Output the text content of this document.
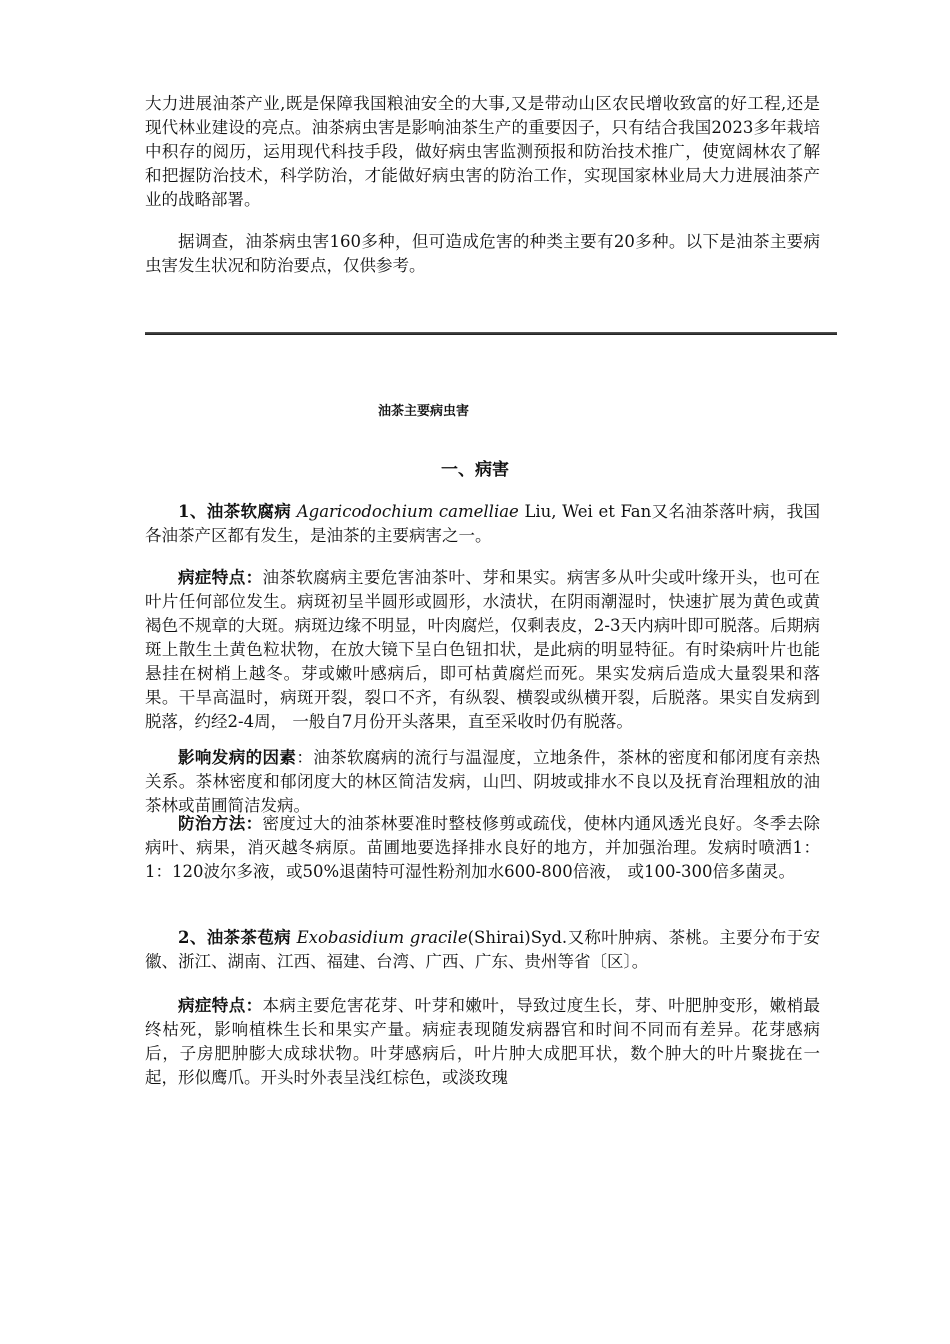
大力进展油茶产业,既是保障我国粮油安全的大事,又是带动山区农民增收致富的好工程,还是现代林业建设的亮点。油茶病虫害是影响油茶生产的重要因子，只有结合我国2023多年栽培中积存的阅历，运用现代科技手段，做好病虫害监测预报和防治技术推广，使宽阔林农了解和把握防治技术，科学防治，才能做好病虫害的防治工作，实现国家林业局大力进展油茶产业的战略部署。

据调查，油茶病虫害160多种，但可造成危害的种类主要有20多种。以下是油茶主要病虫害发生状况和防治要点，仅供参考。

油茶主要病虫害
一、病害

1、油茶软腐病 Agaricodochium camelliae Liu, Wei et Fan又名油茶落叶病，我国各油茶产区都有发生，是油茶的主要病害之一。

病症特点：油茶软腐病主要危害油茶叶、芽和果实。病害多从叶尖或叶缘开头，也可在叶片任何部位发生。病斑初呈半圆形或圆形，水渍状，在阴雨潮湿时，快速扩展为黄色或黄褐色不规章的大斑。病斑边缘不明显，叶肉腐烂，仅剩表皮，2-3天内病叶即可脱落。后期病斑上散生土黄色粒状物，在放大镜下呈白色钮扣状，是此病的明显特征。有时染病叶片也能悬挂在树梢上越冬。芽或嫩叶感病后，即可枯黄腐烂而死。果实发病后造成大量裂果和落果。干旱高温时，病斑开裂，裂口不齐，有纵裂、横裂或纵横开裂，后脱落。果实自发病到脱落，约经2-4周， 一般自7月份开头落果，直至采收时仍有脱落。

影响发病的因素：油茶软腐病的流行与温湿度，立地条件，茶林的密度和郁闭度有亲热关系。茶林密度和郁闭度大的林区简洁发病，山凹、阴坡或排水不良以及抚育治理粗放的油茶林或苗圃简洁发病。

防治方法：密度过大的油茶林要准时整枝修剪或疏伐，使林内通风透光良好。冬季去除病叶、病果，消灭越冬病原。苗圃地要选择排水良好的地方，并加强治理。发病时喷洒1：1：120波尔多液，或50%退菌特可湿性粉剂加水600-800倍液， 或100-300倍多菌灵。

2、油茶茶苞病 Exobasidium gracile(Shirai)Syd.又称叶肿病、茶桃。主要分布于安徽、浙江、湖南、江西、福建、台湾、广西、广东、贵州等省〔区〕。

病症特点：本病主要危害花芽、叶芽和嫩叶，导致过度生长，芽、叶肥肿变形，嫩梢最终枯死，影响植株生长和果实产量。病症表现随发病器官和时间不同而有差异。花芽感病后，子房肥肿膨大成球状物。叶芽感病后，叶片肿大成肥耳状，数个肿大的叶片聚拢在一起，形似鹰爪。开头时外表呈浅红棕色，或淡玫瑰
